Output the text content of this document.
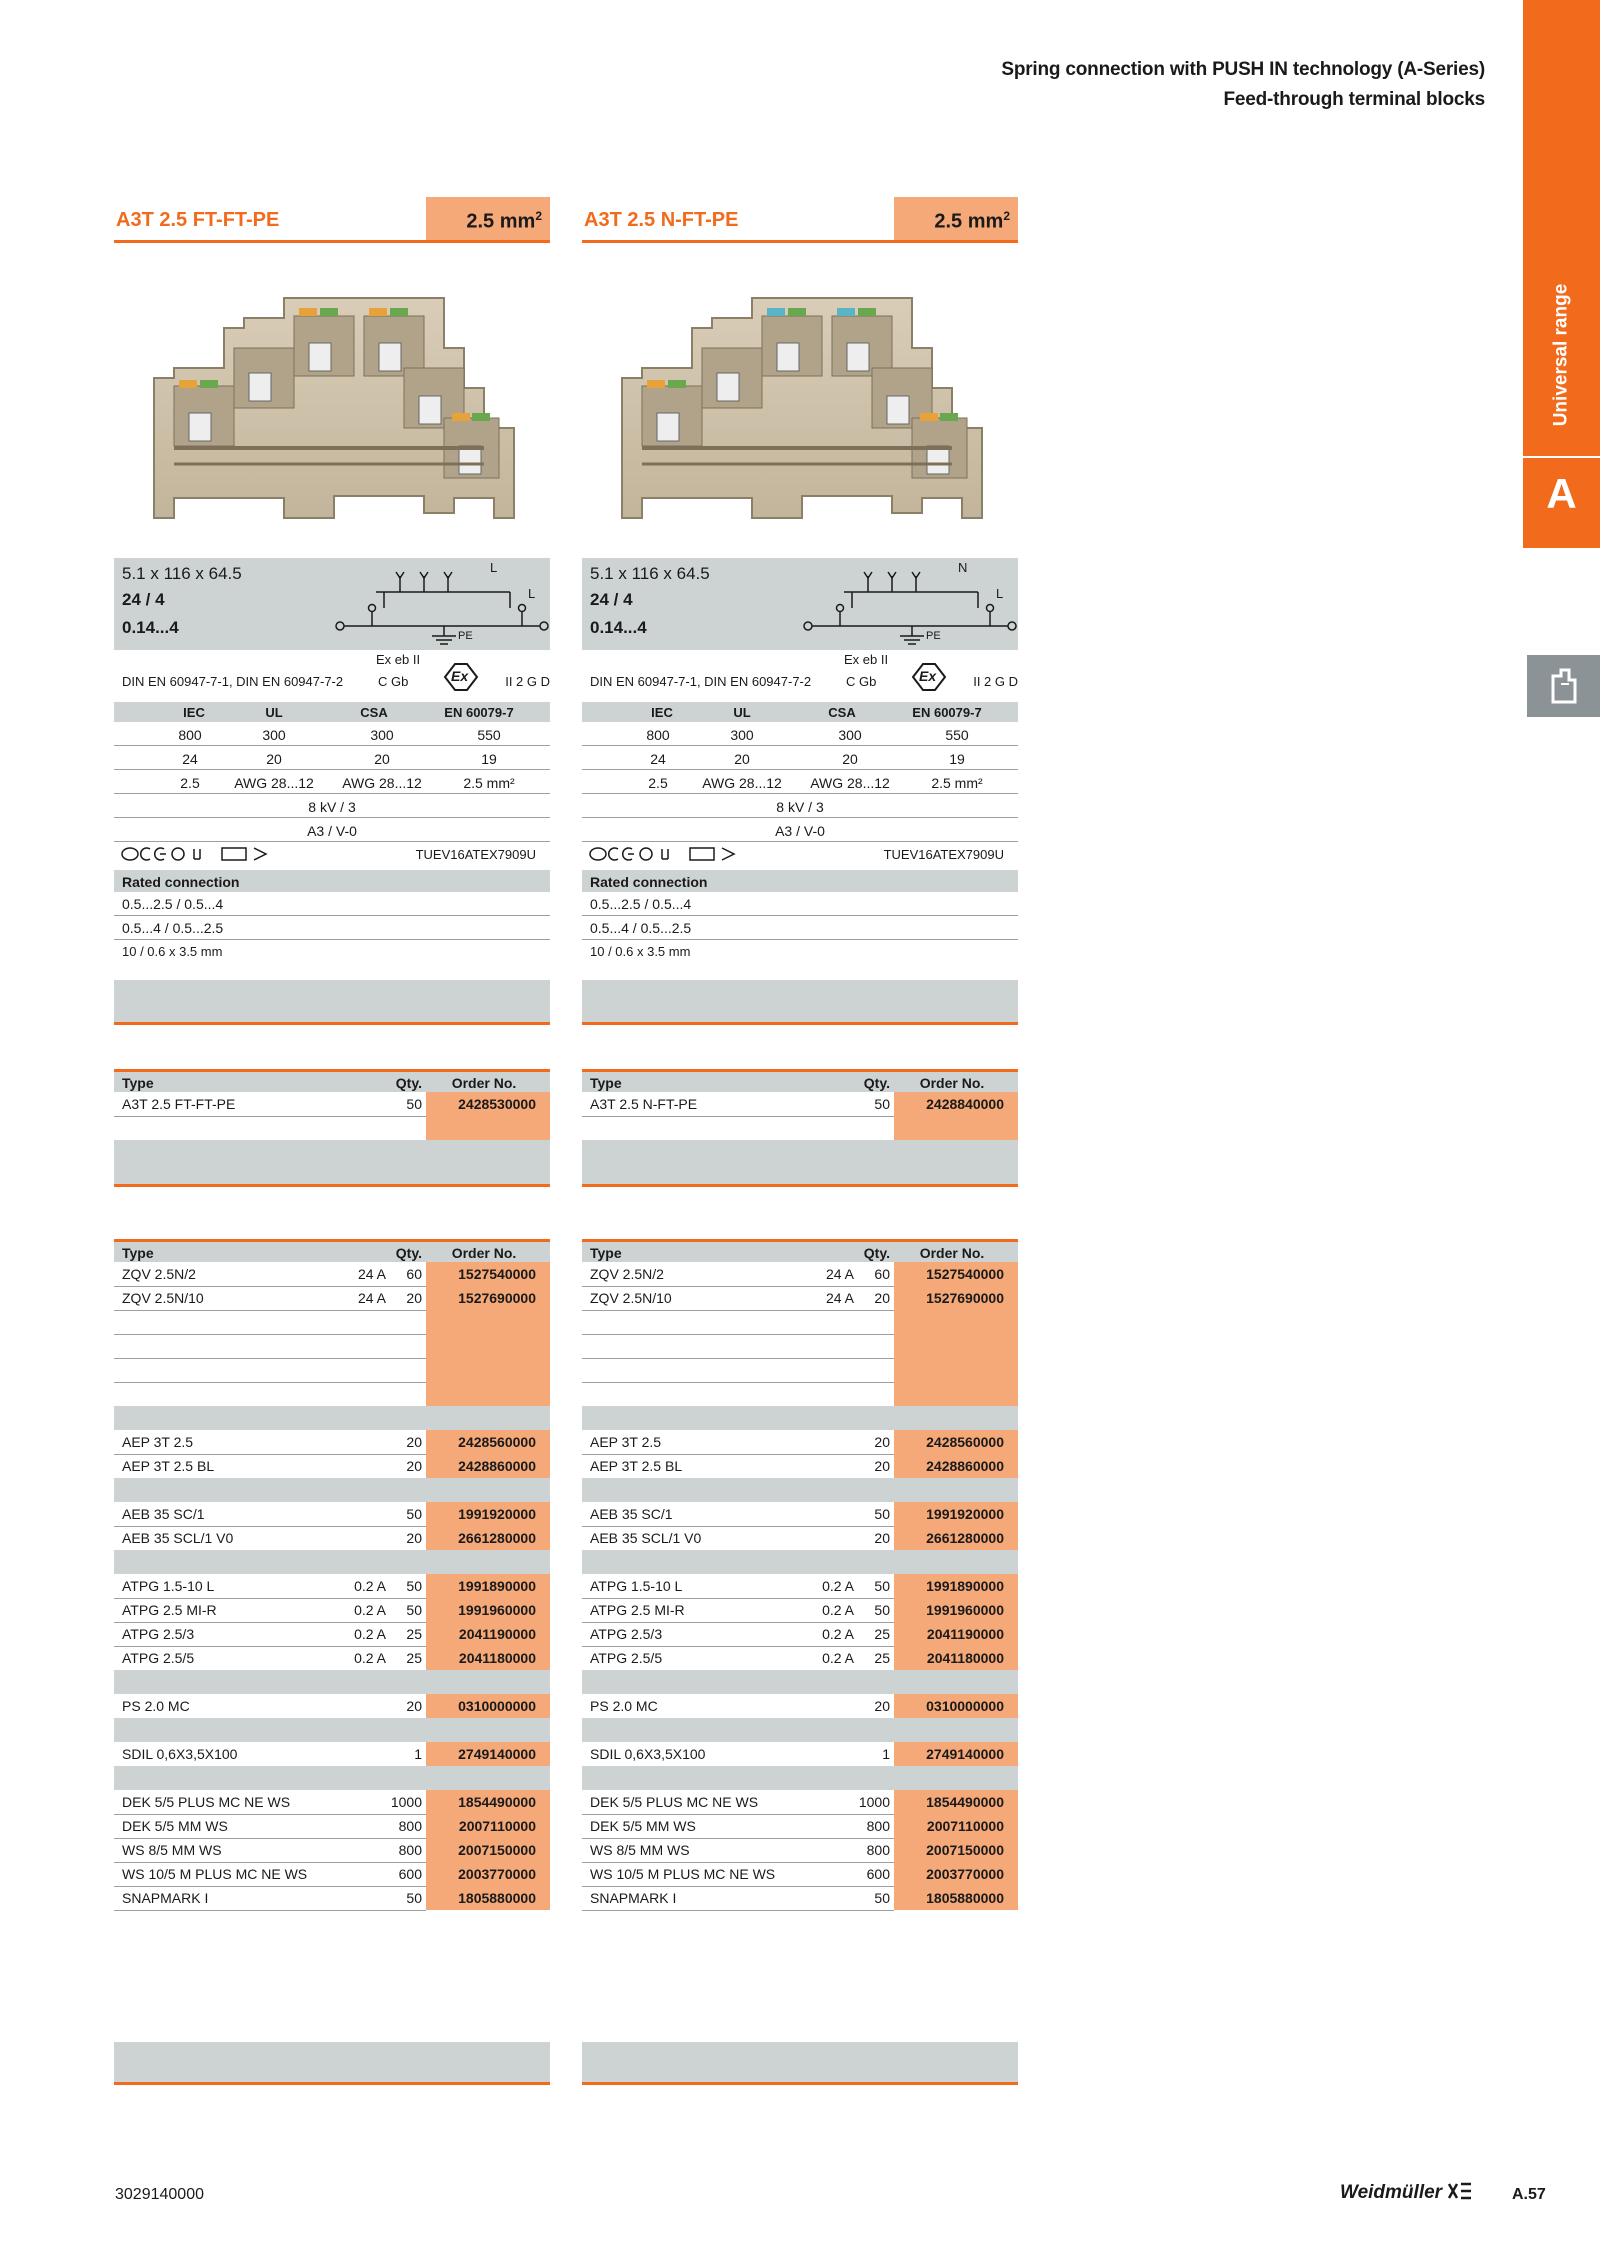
Spring connection with PUSH IN technology (A-Series)
Feed-through terminal blocks
Universal range
A
A3T 2.5 FT-FT-PE	2.5 $mm^2$
5.1 x 116 x 64.5
24 / 4
0.14...4
L
L
PE
Ex eb II
DIN EN 60947-7-1, DIN EN 60947-7-2	C Gb	Ex	II 2 G D
IEC	UL	CSA	EN 60079-7
800	300	300	550
24	20	20	19
2.5	AWG 28...12	AWG 28...12	2.5 mm²
8 kV / 3
A3 / V-0
TUEV16ATEX7909U
Rated connection
0.5...2.5 / 0.5...4
0.5...4 / 0.5...2.5
10 / 0.6 x 3.5 mm
Type	Qty.	Order No.
A3T 2.5 FT-FT-PE	50	2428530000
Type	Qty.	Order No.
ZQV 2.5N/2	24 A 60	1527540000
ZQV 2.5N/10	24 A 20	1527690000
AEP 3T 2.5	20	2428560000
AEP 3T 2.5 BL	20	2428860000
AEB 35 SC/1	50	1991920000
AEB 35 SCL/1 V0	20	2661280000
ATPG 1.5-10 L	0.2 A 50	1991890000
ATPG 2.5 MI-R	0.2 A 50	1991960000
ATPG 2.5/3	0.2 A 25	2041190000
ATPG 2.5/5	0.2 A 25	2041180000
PS 2.0 MC	20	0310000000
SDIL 0,6X3,5X100	1	2749140000
DEK 5/5 PLUS MC NE WS	1000	1854490000
DEK 5/5 MM WS	800	2007110000
WS 8/5 MM WS	800	2007150000
WS 10/5 M PLUS MC NE WS	600	2003770000
SNAPMARK I	50	1805880000
A3T 2.5 N-FT-PE	2.5 $mm^2$
5.1 x 116 x 64.5
24 / 4
0.14...4
N
L
PE
Ex eb II
DIN EN 60947-7-1, DIN EN 60947-7-2	C Gb	Ex	II 2 G D
IEC	UL	CSA	EN 60079-7
800	300	300	550
24	20	20	19
2.5	AWG 28...12	AWG 28...12	2.5 mm²
8 kV / 3
A3 / V-0
TUEV16ATEX7909U
Rated connection
0.5...2.5 / 0.5...4
0.5...4 / 0.5...2.5
10 / 0.6 x 3.5 mm
Type	Qty.	Order No.
A3T 2.5 N-FT-PE	50	2428840000
Type	Qty.	Order No.
ZQV 2.5N/2	24 A 60	1527540000
ZQV 2.5N/10	24 A 20	1527690000
AEP 3T 2.5	20	2428560000
AEP 3T 2.5 BL	20	2428860000
AEB 35 SC/1	50	1991920000
AEB 35 SCL/1 V0	20	2661280000
ATPG 1.5-10 L	0.2 A 50	1991890000
ATPG 2.5 MI-R	0.2 A 50	1991960000
ATPG 2.5/3	0.2 A 25	2041190000
ATPG 2.5/5	0.2 A 25	2041180000
PS 2.0 MC	20	0310000000
SDIL 0,6X3,5X100	1	2749140000
DEK 5/5 PLUS MC NE WS	1000	1854490000
DEK 5/5 MM WS	800	2007110000
WS 8/5 MM WS	800	2007150000
WS 10/5 M PLUS MC NE WS	600	2003770000
SNAPMARK I	50	1805880000
3029140000	Weidmüller	A.57
